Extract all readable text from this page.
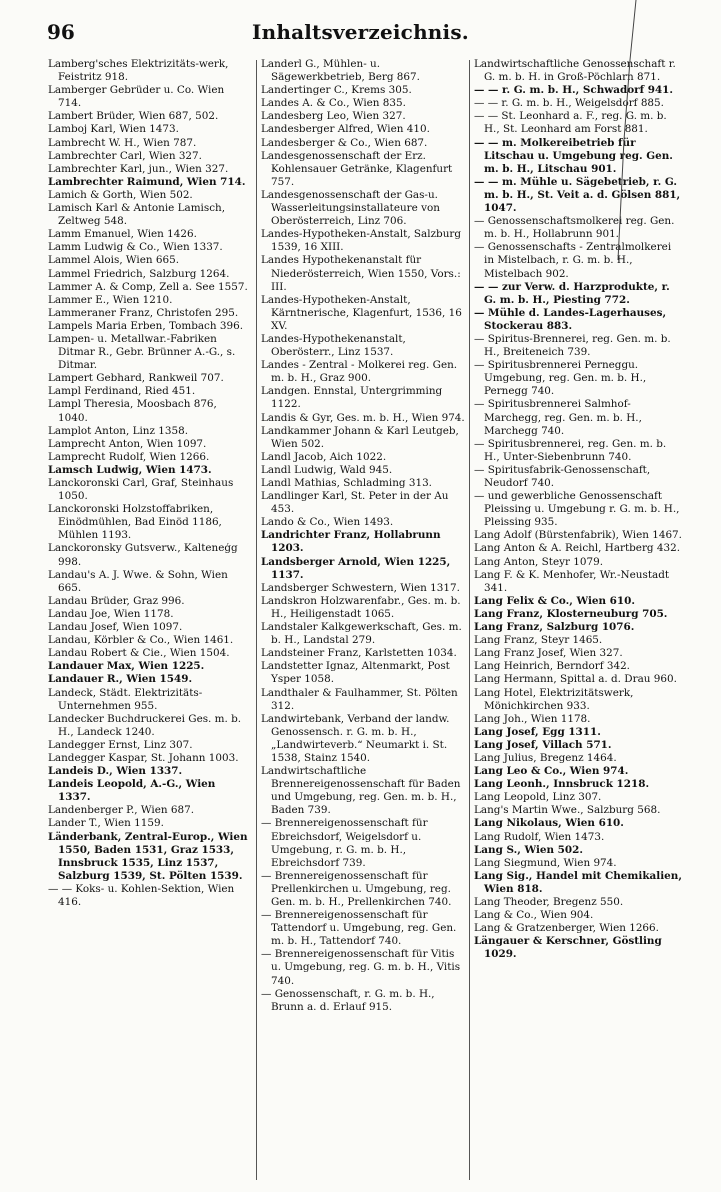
Inhaltsverzeichnis.
96
Lamberg'sches Elektrizitäts-werk, Feistritz 918.
Lamberger Gebrüder u. Co. Wien 714.
Lambert Brüder, Wien 687, 502.
Lamboj Karl, Wien 1473.
Lambrecht W. H., Wien 787.
Lambrechter Carl, Wien 327.
Lambrechter Karl, jun., Wien 327.
Lambrechter Raimund, Wien 714.
Lamich & Gorth, Wien 502.
Lamisch Karl & Antonie Lamisch, Zeltweg 548.
Lamm Emanuel, Wien 1426.
Lamm Ludwig & Co., Wien 1337.
Lammel Alois, Wien 665.
Lammel Friedrich, Salzburg 1264.
Lammer A. & Comp, Zell a. See 1557.
Lammer E., Wien 1210.
Lammeraner Franz, Christofen 295.
Lampels Maria Erben, Tombach 396.
Lampen- u. Metallwar.-Fabriken Ditmar R., Gebr. Brünner A.-G., s. Ditmar.
Lampert Gebhard, Rankweil 707.
Lampl Ferdinand, Ried 451.
Lampl Theresia, Moosbach 876, 1040.
Lamplot Anton, Linz 1358.
Lamprecht Anton, Wien 1097.
Lamprecht Rudolf, Wien 1266.
Lamsch Ludwig, Wien 1473.
Lanckoronski Carl, Graf, Steinhaus 1050.
Lanckoronski Holzstoffabriken, Einödmühlen, Bad Einöd 1186, Mühlen 1193.
Lanckoronsky Gutsverw., Kalteneģg 998.
Landau's A. J. Wwe. & Sohn, Wien 665.
Landau Brüder, Graz 996.
Landau Joe, Wien 1178.
Landau Josef, Wien 1097.
Landau, Körbler & Co., Wien 1461.
Landau Robert & Cie., Wien 1504.
Landauer Max, Wien 1225.
Landauer R., Wien 1549.
Landeck, Städt. Elektrizitäts-Unternehmen 955.
Landecker Buchdruckerei Ges. m. b. H., Landeck 1240.
Landegger Ernst, Linz 307.
Landegger Kaspar, St. Johann 1003.
Landeis D., Wien 1337.
Landeis Leopold, A.-G., Wien 1337.
Landenberger P., Wien 687.
Lander T., Wien 1159.
Länderbank, Zentral-Europ., Wien 1550, Baden 1531, Graz 1533, Innsbruck 1535, Linz 1537, Salzburg 1539, St. Pölten 1539.
— — Koks- u. Kohlen-Sektion, Wien 416.
Landerl G., Mühlen- u. Sägewerkbetrieb, Berg 867.
Landertinger C., Krems 305.
Landes A. & Co., Wien 835.
Landesberg Leo, Wien 327.
Landesberger Alfred, Wien 410.
Landesberger & Co., Wien 687.
Landesgenossenschaft der Erz. Kohlensauer Getränke, Klagenfurt 757.
Landesgenossenschaft der Gas-u. Wasserleitungsinstallateure von Oberösterreich, Linz 706.
Landes-Hypotheken-Anstalt, Salzburg 1539, 16 XIII.
Landes Hypothekenanstalt für Niederösterreich, Wien 1550, Vors.: III.
Landes-Hypotheken-Anstalt, Kärntnerische, Klagenfurt, 1536, 16 XV.
Landes-Hypothekenanstalt, Oberösterr., Linz 1537.
Landes - Zentral - Molkerei reg. Gen. m. b. H., Graz 900.
Landgen. Ennstal, Untergrimming 1122.
Landis & Gyr, Ges. m. b. H., Wien 974.
Landkammer Johann & Karl Leutgeb, Wien 502.
Landl Jacob, Aich 1022.
Landl Ludwig, Wald 945.
Landl Mathias, Schladming 313.
Landlinger Karl, St. Peter in der Au 453.
Lando & Co., Wien 1493.
Landrichter Franz, Hollabrunn 1203.
Landsberger Arnold, Wien 1225, 1137.
Landsberger Schwestern, Wien 1317.
Landskron Holzwarenfabr., Ges. m. b. H., Heiligenstadt 1065.
Landstaler Kalkgewerkschaft, Ges. m. b. H., Landstal 279.
Landsteiner Franz, Karlstetten 1034.
Landstetter Ignaz, Altenmarkt, Post Ysper 1058.
Landthaler & Faulhammer, St. Pölten 312.
Landwirtebank, Verband der landw. Genossensch. r. G. m. b. H., „Landwirteverb.“ Neumarkt i. St. 1538, Stainz 1540.
Landwirtschaftliche Brennereigenossenschaft für Baden und Umgebung, reg. Gen. m. b. H., Baden 739.
— Brennereigenossenschaft für Ebreichsdorf, Weigelsdorf u. Umgebung, r. G. m. b. H., Ebreichsdorf 739.
— Brennereigenossenschaft für Prellenkirchen u. Umgebung, reg. Gen. m. b. H., Prellenkirchen 740.
— Brennereigenossenschaft für Tattendorf u. Umgebung, reg. Gen. m. b. H., Tattendorf 740.
— Brennereigenossenschaft für Vitis u. Umgebung, reg. G. m. b. H., Vitis 740.
— Genossenschaft, r. G. m. b. H., Brunn a. d. Erlauf 915.
Landwirtschaftliche Genossenschaft r. G. m. b. H. in Groß-Pöchlarn 871.
— — r. G. m. b. H., Schwadorf 941.
— — r. G. m. b. H., Weigelsdorf 885.
— — St. Leonhard a. F., reg. G. m. b. H., St. Leonhard am Forst 881.
— — m. Molkereibetrieb für Litschau u. Umgebung reg. Gen. m. b. H., Litschau 901.
— — m. Mühle u. Sägebetrieb, r. G. m. b. H., St. Veit a. d. Gölsen 881, 1047.
— Genossenschaftsmolkerei reg. Gen. m. b. H., Hollabrunn 901.
— Genossenschafts - Zentralmolkerei in Mistelbach, r. G. m. b. H., Mistelbach 902.
— — zur Verw. d. Harzprodukte, r. G. m. b. H., Piesting 772.
— Mühle d. Landes-Lagerhauses, Stockerau 883.
— Spiritus-Brennerei, reg. Gen. m. b. H., Breiteneich 739.
— Spiritusbrennerei Perneggu. Umgebung, reg. Gen. m. b. H., Pernegg 740.
— Spiritusbrennerei Salmhof-Marchegg, reg. Gen. m. b. H., Marchegg 740.
— Spiritusbrennerei, reg. Gen. m. b. H., Unter-Siebenbrunn 740.
— Spiritusfabrik-Genossenschaft, Neudorf 740.
— und gewerbliche Genossenschaft Pleissing u. Umgebung r. G. m. b. H., Pleissing 935.
Lang Adolf (Bürstenfabrik), Wien 1467.
Lang Anton & A. Reichl, Hartberg 432.
Lang Anton, Steyr 1079.
Lang F. & K. Menhofer, Wr.-Neustadt 341.
Lang Felix & Co., Wien 610.
Lang Franz, Klosterneuburg 705.
Lang Franz, Salzburg 1076.
Lang Franz, Steyr 1465.
Lang Franz Josef, Wien 327.
Lang Heinrich, Berndorf 342.
Lang Hermann, Spittal a. d. Drau 960.
Lang Hotel, Elektrizitätswerk, Mönichkirchen 933.
Lang Joh., Wien 1178.
Lang Josef, Egg 1311.
Lang Josef, Villach 571.
Lang Julius, Bregenz 1464.
Lang Leo & Co., Wien 974.
Lang Leonh., Innsbruck 1218.
Lang Leopold, Linz 307.
Lang's Martin Wwe., Salzburg 568.
Lang Nikolaus, Wien 610.
Lang Rudolf, Wien 1473.
Lang S., Wien 502.
Lang Siegmund, Wien 974.
Lang Sig., Handel mit Chemikalien, Wien 818.
Lang Theoder, Bregenz 550.
Lang & Co., Wien 904.
Lang & Gratzenberger, Wien 1266.
Längauer & Kerschner, Göstling 1029.
